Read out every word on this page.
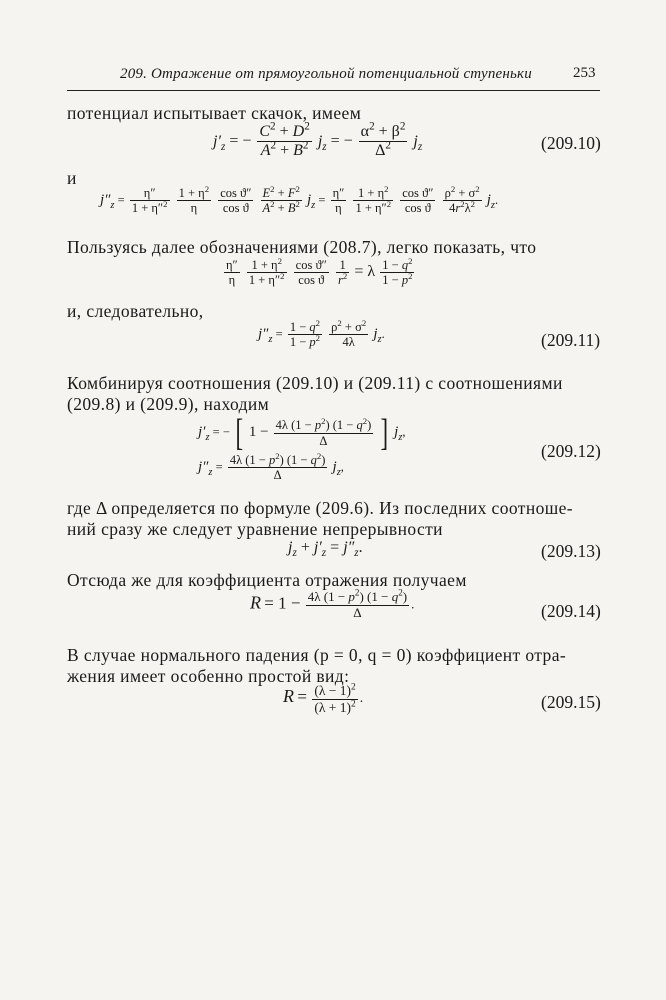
209. Отражение от прямоугольной потенциальной ступеньки	253
потенциал испытывает скачок, имеем
$j'_z$ = − $\frac{C^2 + D^2}{A^2 + B^2} j_z$ = − $\frac{\alpha^2 + \beta^2}{\Delta^2} j_z$	(209.10)
и
$j''_z = \frac{\eta''}{1 + \eta''^2}$
$\frac{1 + \eta^2}{\eta}$
$\frac{\text{cos ϑ″}}{\text{cos ϑ}}$
$\frac{E^2 + F^2}{A^2 + B^2} j_z = \frac{\eta''}{\eta}$
$\frac{1 + \eta^2}{1 + \eta''^2}$
$\frac{\text{cos ϑ″}}{\text{cos ϑ}}$
$\frac{\rho^2 + \sigma^2}{4r^2\lambda^2} j_z$.
Пользуясь далее обозначениями (208.7), легко показать, что
$\frac{\eta''}{\eta}$
$\frac{1 + \eta^2}{1 + \eta''^2}$
$\frac{\text{cos ϑ″}}{\text{cos ϑ}}$
$\frac{1}{r^2} = \lambda \frac{1 - q^2}{1 - p^2}$
и, следовательно,
$j''_z = \frac{1 - q^2}{1 - p^2}$
$\frac{\rho^2 + \sigma^2}{4\lambda} j_z$.	(209.11)
Комбинируя соотношения (209.10) и (209.11) с соотношениями
(209.8) и (209.9), находим
$j'_z$ = − [ $1 - \frac{4\lambda (1 - p^2) (1 - q^2)}{\Delta}$ ] $j_z$,
$j''_z = \frac{4\lambda (1 - p^2) (1 - q^2)}{\Delta} j_z$,
(209.12)
где Δ определяется по формуле (209.6). Из последних соотноше-
ний сразу же следует уравнение непрерывности
$j_z + j'_z = j''_z$.	(209.13)
Отсюда же для коэффициента отражения получаем
$R = 1 - \frac{4\lambda (1 - p^2) (1 - q^2)}{\Delta}$ .	(209.14)
В случае нормального падения (p = 0, q = 0) коэффициент отра-
жения имеет особенно простой вид:
$R = \frac{(\lambda - 1)^2}{(\lambda + 1)^2}$ .	(209.15)
